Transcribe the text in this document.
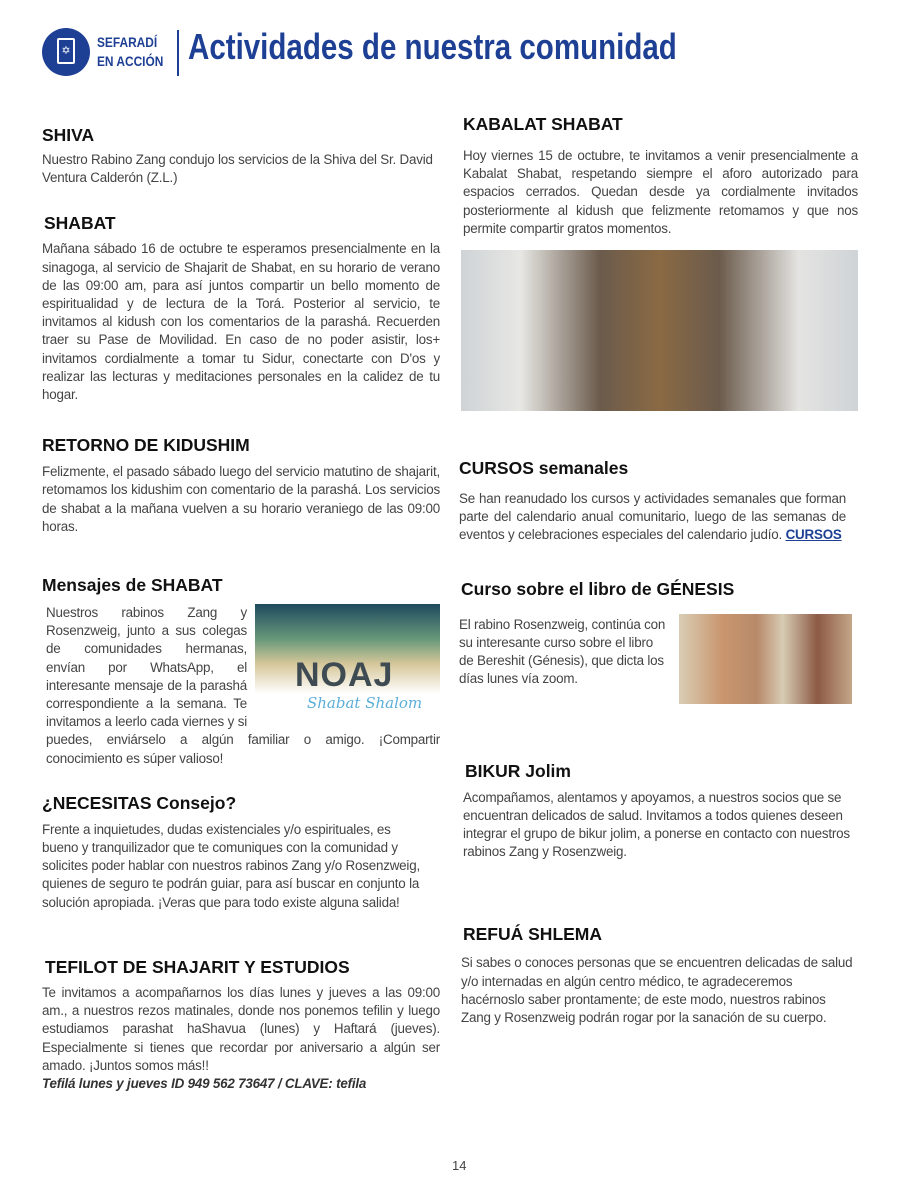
✡
SEFARADÍ
EN ACCIÓN Actividades de nuestra comunidad
SHIVA
Nuestro Rabino Zang condujo los servicios de la Shiva del Sr. David Ventura Calderón (Z.L.)
SHABAT
Mañana sábado 16 de octubre te esperamos presencialmente en la sinagoga, al servicio de Shajarit de Shabat, en su horario de verano de las 09:00 am, para así juntos compartir un bello momento de espiritualidad y de lectura de la Torá. Posterior al servicio, te invitamos al kidush con los comentarios de la parashá. Recuerden traer su Pase de Movilidad. En caso de no poder asistir, los+ invitamos cordialmente a tomar tu Sidur, conectarte con D'os y realizar las lecturas y meditaciones personales en la calidez de tu hogar.
RETORNO DE KIDUSHIM
Felizmente, el pasado sábado luego del servicio matutino de shajarit, retomamos los kidushim con comentario de la parashá. Los servicios de shabat a la mañana vuelven a su horario veraniego de las 09:00 horas.
Mensajes de SHABAT
NOAJ
Shabat Shalom
Nuestros rabinos Zang y Rosenzweig, junto a sus colegas de comunidades hermanas, envían por WhatsApp, el interesante mensaje de la parashá correspondiente a la semana. Te invitamos a leerlo cada viernes y si puedes, enviárselo a algún familiar o amigo. ¡Compartir conocimiento es súper valioso!
¿NECESITAS Consejo?
Frente a inquietudes, dudas existenciales y/o espirituales, es bueno y tranquilizador que te comuniques con la comunidad y solicites poder hablar con nuestros rabinos Zang y/o Rosenzweig, quienes de seguro te podrán guiar, para así buscar en conjunto la solución apropiada. ¡Veras que para todo existe alguna salida!
TEFILOT DE SHAJARIT Y ESTUDIOS
Te invitamos a acompañarnos los días lunes y jueves a las 09:00 am., a nuestros rezos matinales, donde nos ponemos tefilin y luego estudiamos parashat haShavua (lunes) y Haftará (jueves). Especialmente si tienes que recordar por aniversario a algún ser amado. ¡Juntos somos más!!
Tefilá lunes y jueves ID 949 562 73647 / CLAVE: tefila
KABALAT SHABAT
Hoy viernes 15 de octubre, te invitamos a venir presencialmente a Kabalat Shabat, respetando siempre el aforo autorizado para espacios cerrados. Quedan desde ya cordialmente invitados posteriormente al kidush que felizmente retomamos y que nos permite compartir gratos momentos.
CURSOS semanales
Se han reanudado los cursos y actividades semanales que forman parte del calendario anual comunitario, luego de las semanas de eventos y celebraciones especiales del calendario judío. CURSOS
Curso sobre el libro de GÉNESIS
El rabino Rosenzweig, continúa con su interesante curso sobre el libro de Bereshit (Génesis), que dicta los días lunes vía zoom.
BIKUR Jolim
Acompañamos, alentamos y apoyamos, a nuestros socios que se encuentran delicados de salud. Invitamos a todos quienes deseen integrar el grupo de bikur jolim, a ponerse en contacto con nuestros rabinos Zang y Rosenzweig.
REFUÁ SHLEMA
Si sabes o conoces personas que se encuentren delicadas de salud y/o internadas en algún centro médico, te agradeceremos hacérnoslo saber prontamente; de este modo, nuestros rabinos Zang y Rosenzweig podrán rogar por la sanación de su cuerpo.
14
